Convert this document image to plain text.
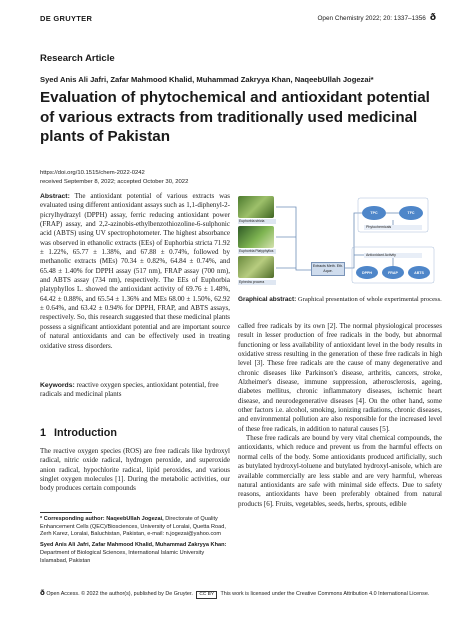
DE GRUYTER	Open Chemistry 2022; 20: 1337–1356 ð
Research Article
Syed Anis Ali Jafri, Zafar Mahmood Khalid, Muhammad Zakryya Khan, NaqeebUllah Jogezai*
Evaluation of phytochemical and antioxidant potential of various extracts from traditionally used medicinal plants of Pakistan
https://doi.org/10.1515/chem-2022-0242
received September 8, 2022; accepted October 30, 2022
Abstract: The antioxidant potential of various extracts was evaluated using different antioxidant assays such as 1,1-diphenyl-2-picrylhydrazyl (DPPH) assay, ferric reducing antioxidant power (FRAP) assay, and 2,2-azinobis-ethylbenzothiozoline-6-sulphonic acid (ABTS) using UV spectrophotometer. The highest absorbance was observed in ethanolic extracts (EEs) of Euphorbia stricta 71.92 ± 1.22%, 65.77 ± 1.38%, and 67.88 ± 0.74%, followed by methanolic extracts (MEs) 70.34 ± 0.82%, 64.84 ± 0.74%, and 65.48 ± 1.40% for DPPH assay (517 nm), FRAP assay (700 nm), and ABTS assay (734 nm), respectively. The EEs of Euphorbia platyphyllos L. showed the antioxidant activity of 69.76 ± 1.48%, 64.42 ± 0.88%, and 65.54 ± 1.36% and MEs 68.00 ± 1.50%, 62.92 ± 0.64%, and 63.42 ± 0.94% for DPPH, FRAP, and ABTS assays, respectively. So, this research suggested that these medicinal plants possess a significant antioxidant potential and are important source of natural antioxidants and can be effectively used in treating oxidative stress disorders.
Keywords: reactive oxygen species, antioxidant potential, free radicals and medicinal plants
1 Introduction
The reactive oxygen species (ROS) are free radicals like hydroxyl radical, nitric oxide radical, hydrogen peroxide, and superoxide anion radical, hypochlorite radical, lipid peroxides, and various singlet oxygen molecules [1]. During the metabolic activities, our body produces certain compounds

* Corresponding author: NaqeebUllah Jogezai, Directorate of Quality Enhancement Cells (QEC)/Biosciences, University of Loralai, Quetta Road, Zerh Karez, Loralai, Baluchistan, Pakistan, e-mail: n.jogezai@yahoo.com

Syed Anis Ali Jafri, Zafar Mahmood Khalid, Muhammad Zakryya Khan: Department of Biological Sciences, International Islamic University Islamabad, Pakistan

ð Open Access. © 2022 the author(s), published by De Gruyter. CC BY This work is licensed under the Creative Commons Attribution 4.0 International License.
Euphorbia stricta
Euphorbia Platyphyllos
Ephedra procera
Extracts Meth. Eth. Aque.
TPC	TFC
Phytochemicals
Antioxidant Activity
DPPH	FRAP	ABTS
Graphical abstract: Graphical presentation of whole experimental process.

called free radicals by its own [2]. The normal physiological processes result in lesser production of free radicals in the body, but abnormal functioning or less availability of antioxidant level in the body results in oxidative stress resulting in the generation of these free radicals in high level [3]. These free radicals are the cause of many degenerative and chronic diseases like Parkinson's disease, arthritis, cancers, stroke, Alzheimer's disease, immune suppression, atherosclerosis, ageing, diabetes mellitus, chronic inflammatory diseases, ischemic heart disease, and neurodegenerative diseases [4]. On the other hand, some other factors i.e. alcohol, smoking, ionizing radiations, chronic diseases, and environmental pollution are also responsible for the increased level of these free radicals, in addition to natural causes [5].

These free radicals are bound by very vital chemical compounds, the antioxidants, which reduce and prevent us from the harmful effects on normal cells of the body. Some antioxidants produced artificially, such as butylated hydroxyl-toluene and butylated hydroxyl-anisole, which are available commercially are less stable and are very harmful, whereas natural antioxidants are safe with minimal side effects. Due to safety reasons, antioxidants have been preferably obtained from natural products [6]. Fruits, vegetables, seeds, herbs, sprouts, edible
